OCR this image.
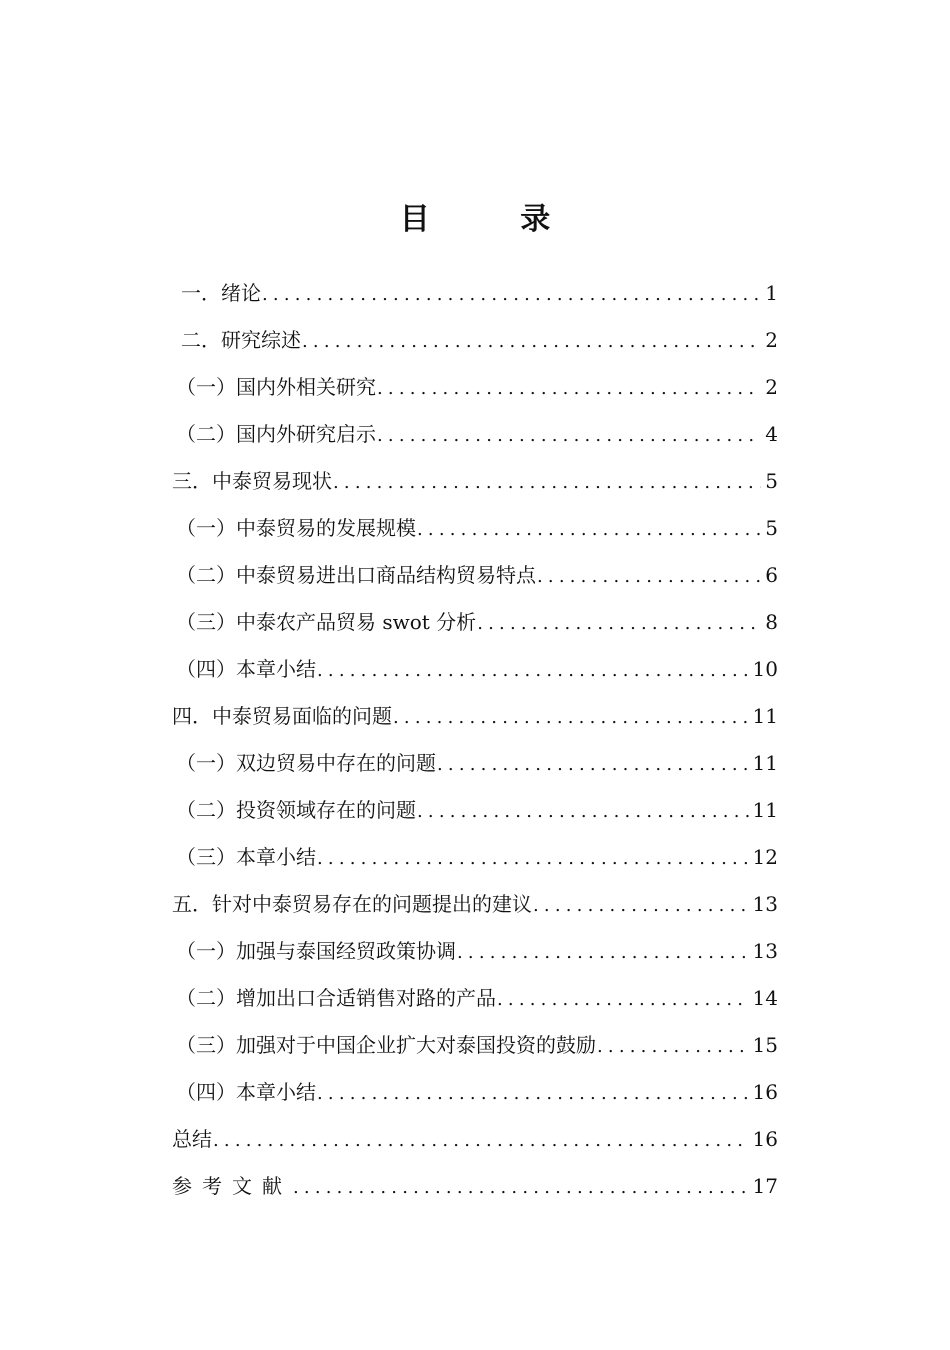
目 录
一．绪论 .....	1
二．研究综述 .....	2
（一）国内外相关研究 .....	2
（二）国内外研究启示 .....	4
三．中泰贸易现状 .....	5
（一）中泰贸易的发展规模 .....	5
（二）中泰贸易进出口商品结构贸易特点 .....	6
（三）中泰农产品贸易 swot 分析 .....	8
（四）本章小结 .....	10
四．中泰贸易面临的问题 .....	11
（一）双边贸易中存在的问题 .....	11
（二）投资领域存在的问题 .....	11
（三）本章小结 .....	12
五．针对中泰贸易存在的问题提出的建议 .....	13
（一）加强与泰国经贸政策协调 .....	13
（二）增加出口合适销售对路的产品 .....	14
（三）加强对于中国企业扩大对泰国投资的鼓励 .....	15
（四）本章小结 .....	16
总结 .....	16
参考文献 .....	17
